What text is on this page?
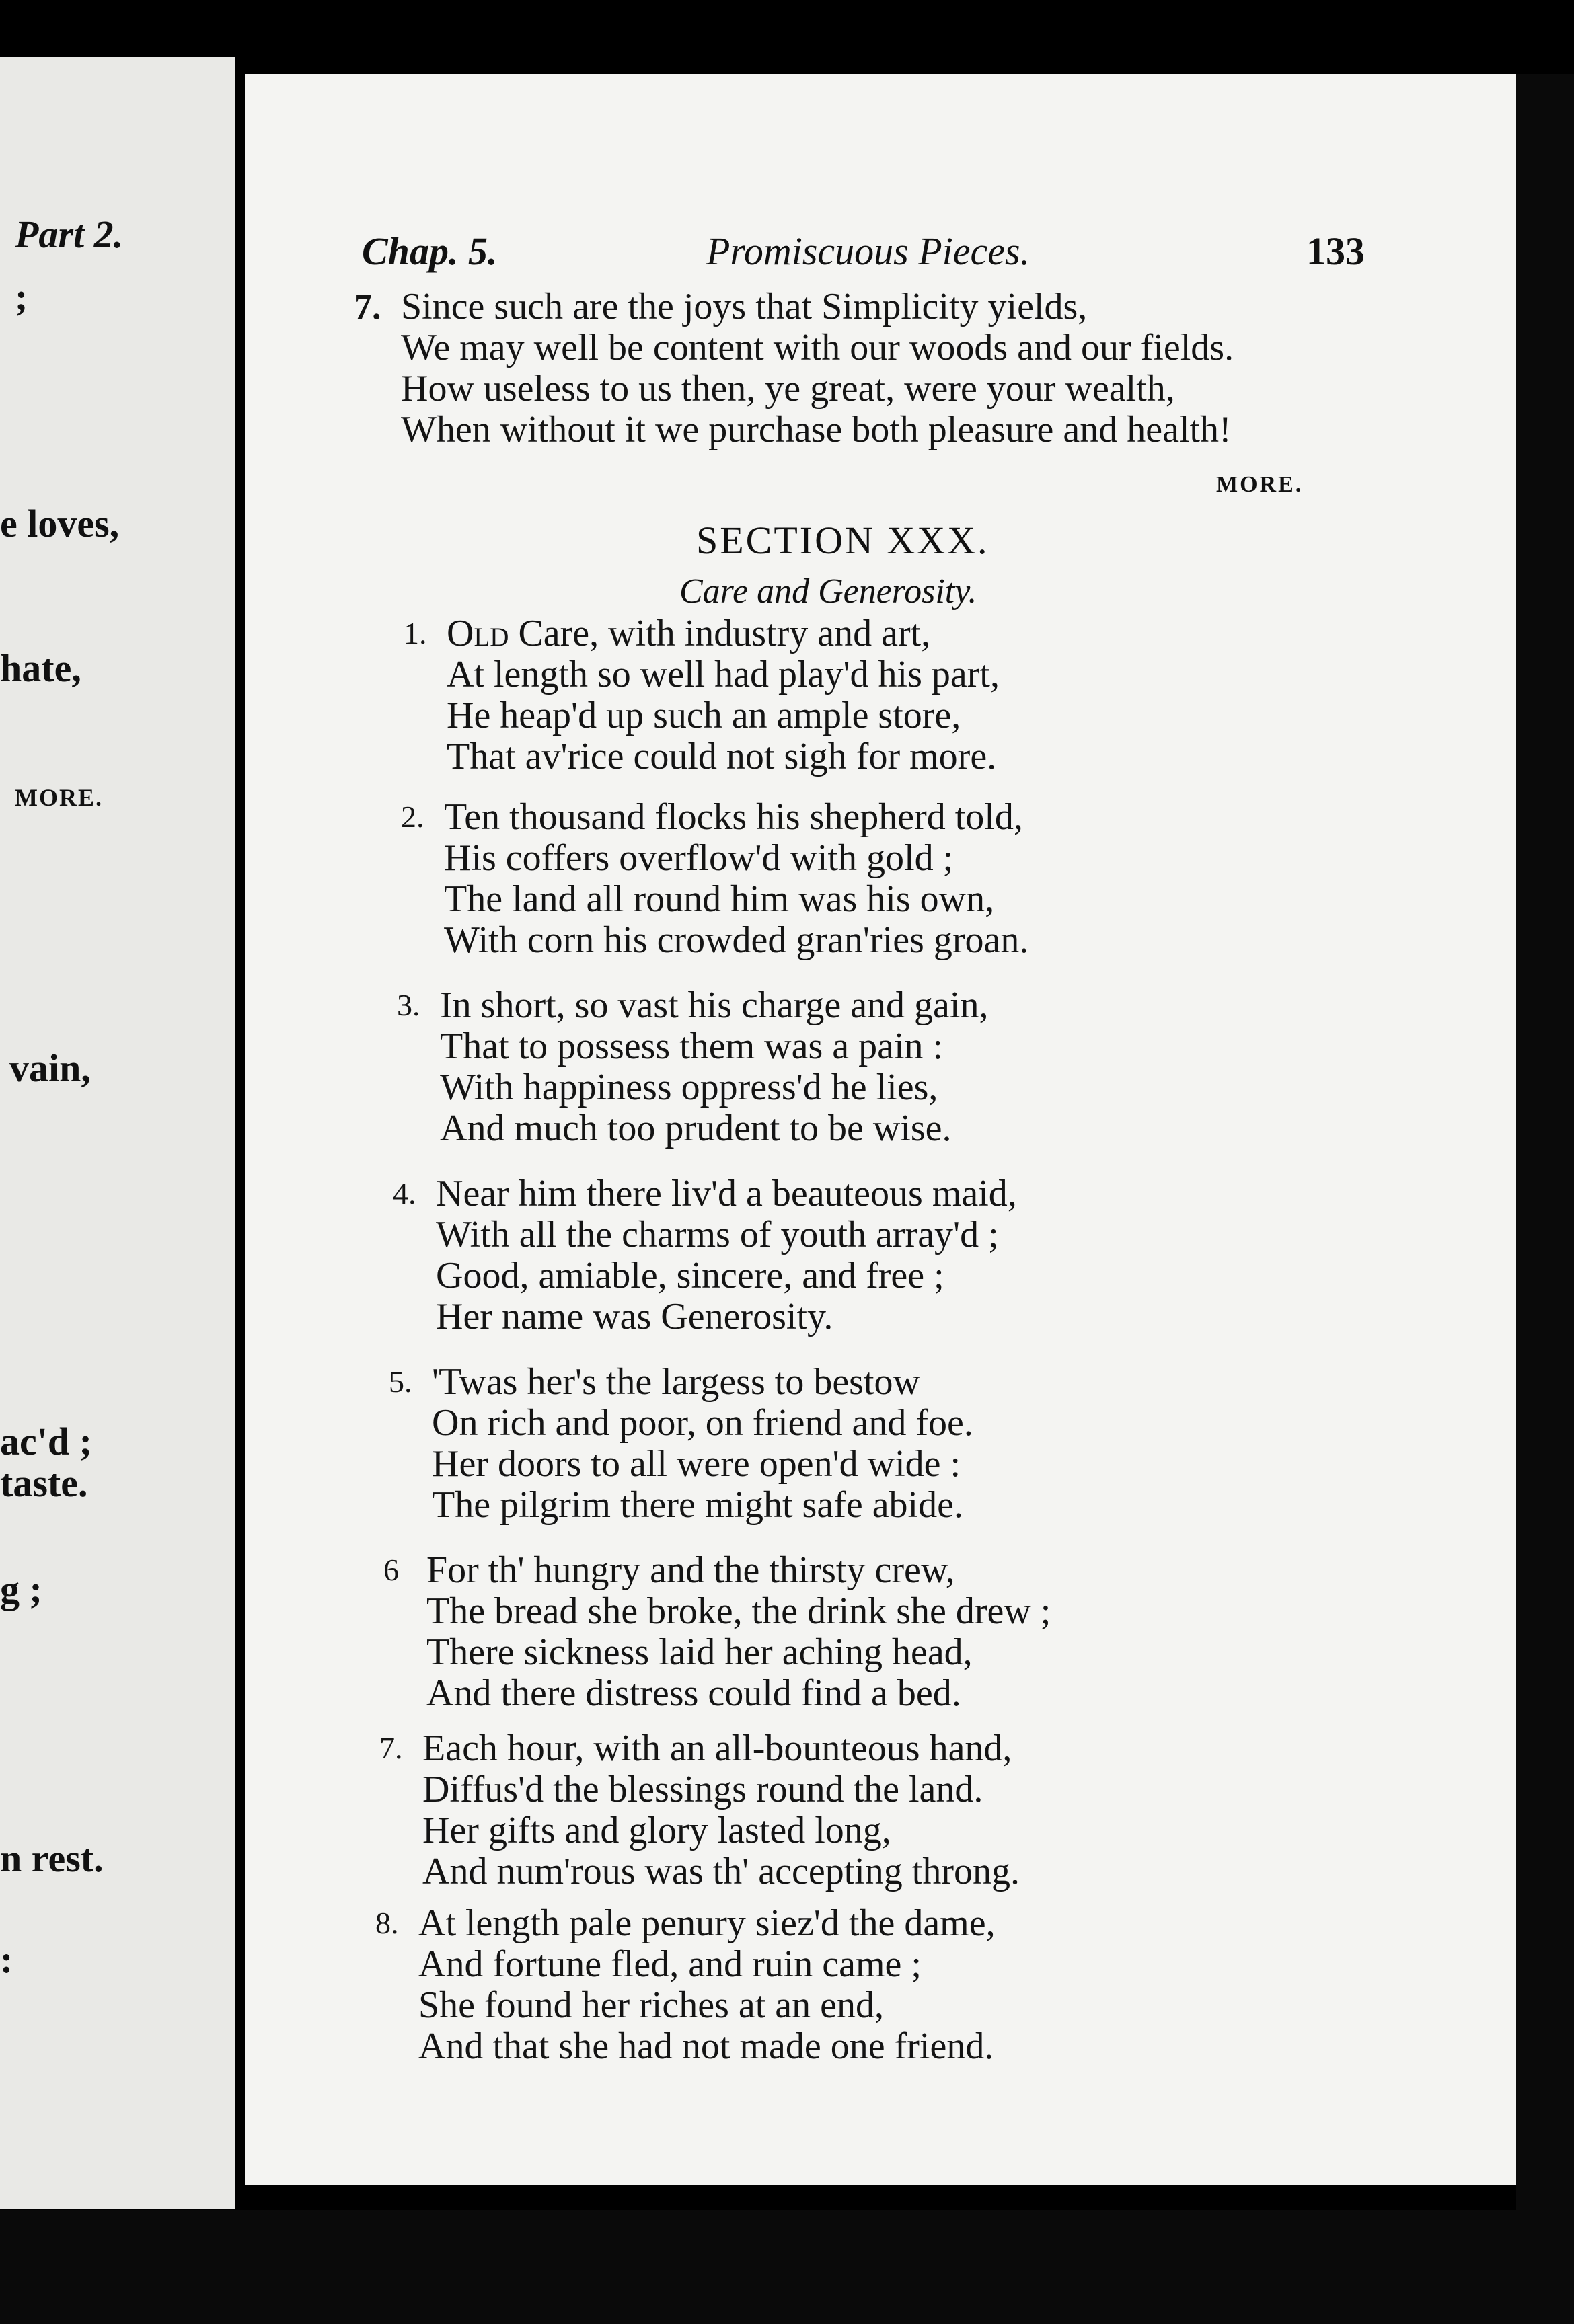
Part 2.
;
e loves,
hate,
MORE.
vain,
ac'd ;
taste.
g ;
n rest.
:
Chap. 5.	Promiscuous Pieces.	133
7. Since such are the joys that Simplicity yields,
We may well be content with our woods and our fields.
How useless to us then, ye great, were your wealth,
When without it we purchase both pleasure and health!
MORE.
SECTION XXX.
Care and Generosity.
1. Old Care, with industry and art,
At length so well had play'd his part,
He heap'd up such an ample store,
That av'rice could not sigh for more.
2. Ten thousand flocks his shepherd told,
His coffers overflow'd with gold ;
The land all round him was his own,
With corn his crowded gran'ries groan.
3. In short, so vast his charge and gain,
That to possess them was a pain :
With happiness oppress'd he lies,
And much too prudent to be wise.
4. Near him there liv'd a beauteous maid,
With all the charms of youth array'd ;
Good, amiable, sincere, and free ;
Her name was Generosity.
5. 'Twas her's the largess to bestow
On rich and poor, on friend and foe.
Her doors to all were open'd wide :
The pilgrim there might safe abide.
6 For th' hungry and the thirsty crew,
The bread she broke, the drink she drew ;
There sickness laid her aching head,
And there distress could find a bed.
7. Each hour, with an all-bounteous hand,
Diffus'd the blessings round the land.
Her gifts and glory lasted long,
And num'rous was th' accepting throng.
8. At length pale penury siez'd the dame,
And fortune fled, and ruin came ;
She found her riches at an end,
And that she had not made one friend.
